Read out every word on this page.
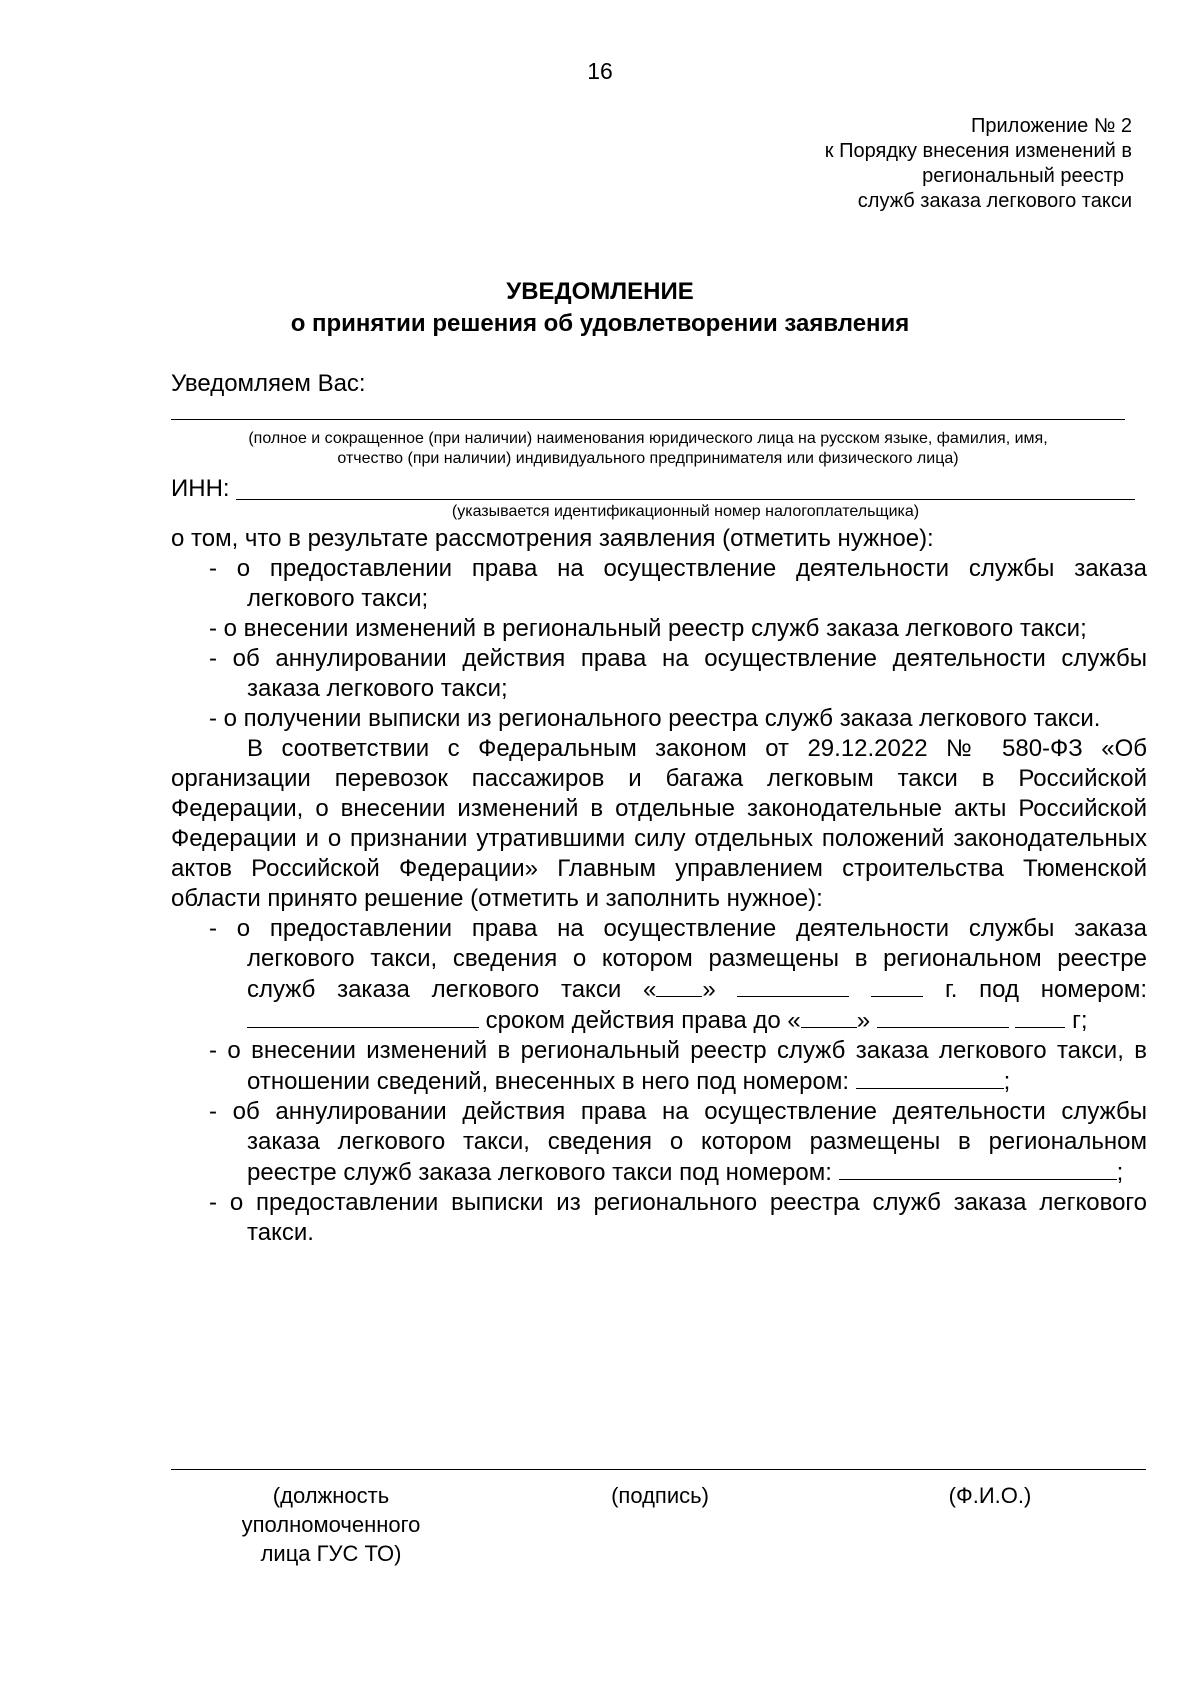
16
Приложение № 2
к Порядку внесения изменений в
региональный реестр
служб заказа легкового такси
УВЕДОМЛЕНИЕ
о принятии решения об удовлетворении заявления
Уведомляем Вас:
(полное и сокращенное (при наличии) наименования юридического лица на русском языке, фамилия, имя,
отчество (при наличии) индивидуального предпринимателя или физического лица)
ИНН:
(указывается идентификационный номер налогоплательщика)

о том, что в результате рассмотрения заявления (отметить нужное):

- о предоставлении права на осуществление деятельности службы заказа легкового такси;

- о внесении изменений в региональный реестр служб заказа легкового такси;

- об аннулировании действия права на осуществление деятельности службы заказа легкового такси;

- о получении выписки из регионального реестра служб заказа легкового такси.

В соответствии с Федеральным законом от 29.12.2022 № 580-ФЗ «Об организации перевозок пассажиров и багажа легковым такси в Российской Федерации, о внесении изменений в отдельные законодательные акты Российской Федерации и о признании утратившими силу отдельных положений законодательных актов Российской Федерации» Главным управлением строительства Тюменской области принято решение (отметить и заполнить нужное):

- о предоставлении права на осуществление деятельности службы заказа легкового такси, сведения о котором размещены в региональном реестре служб заказа легкового такси « »	г. под номером:  сроком действия права до « »	г;

- о внесении изменений в региональный реестр служб заказа легкового такси, в отношении сведений, внесенных в него под номером:	;

- об аннулировании действия права на осуществление деятельности службы заказа легкового такси, сведения о котором размещены в региональном реестре служб заказа легкового такси под номером:	;

- о предоставлении выписки из регионального реестра служб заказа легкового такси.

(должность
уполномоченного
лица ГУС ТО)
(подпись)	(Ф.И.О.)
